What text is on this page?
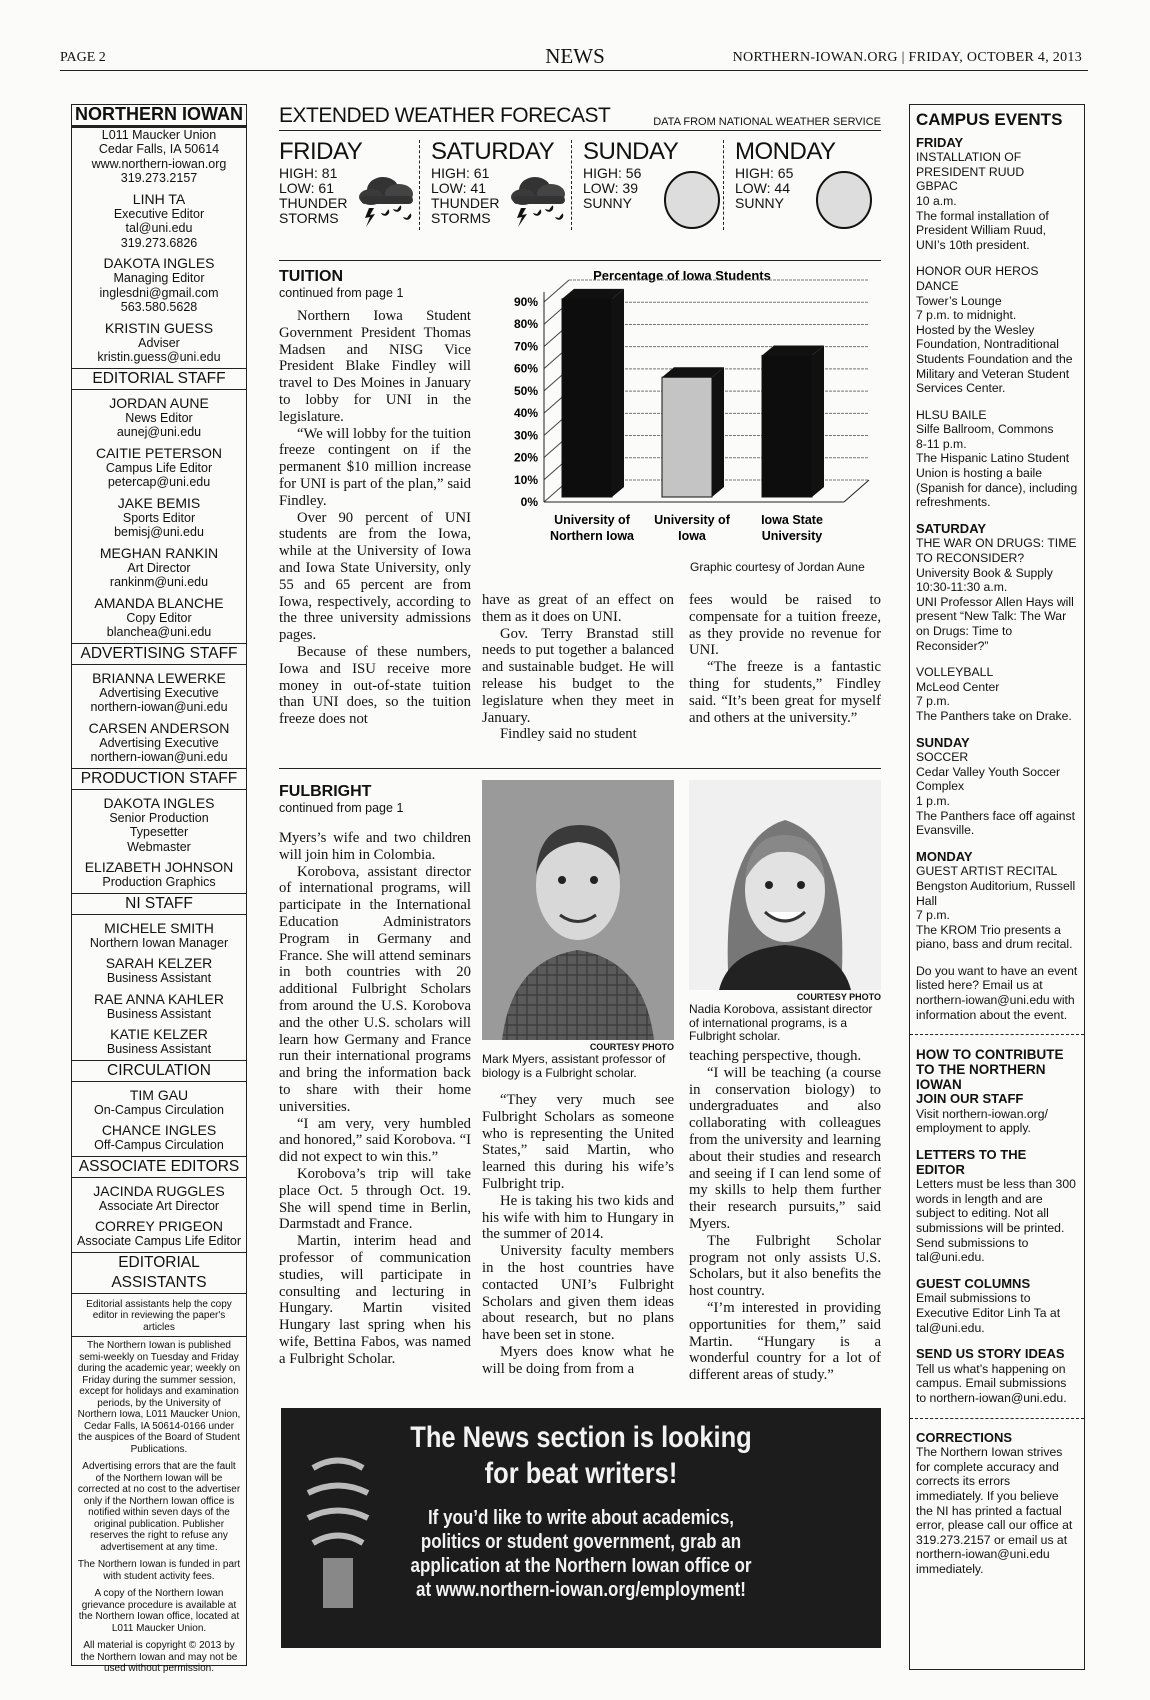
PAGE 2	NEWS	NORTHERN-IOWAN.ORG | FRIDAY, OCTOBER 4, 2013
NORTHERN IOWAN
L011 Maucker Union
Cedar Falls, IA 50614
www.northern-iowan.org
319.273.2157
LINH TA
Executive Editor
tal@uni.edu
319.273.6826
DAKOTA INGLES
Managing Editor
inglesdni@gmail.com
563.580.5628
KRISTIN GUESS
Adviser
kristin.guess@uni.edu
EDITORIAL STAFF
JORDAN AUNE
News Editor
aunej@uni.edu
CAITIE PETERSON
Campus Life Editor
petercap@uni.edu
JAKE BEMIS
Sports Editor
bemisj@uni.edu
MEGHAN RANKIN
Art Director
rankinm@uni.edu
AMANDA BLANCHE
Copy Editor
blanchea@uni.edu
ADVERTISING STAFF
BRIANNA LEWERKE
Advertising Executive
northern-iowan@uni.edu
CARSEN ANDERSON
Advertising Executive
northern-iowan@uni.edu
PRODUCTION STAFF
DAKOTA INGLES
Senior Production
Typesetter
Webmaster
ELIZABETH JOHNSON
Production Graphics
NI STAFF
MICHELE SMITH
Northern Iowan Manager
SARAH KELZER
Business Assistant
RAE ANNA KAHLER
Business Assistant
KATIE KELZER
Business Assistant
CIRCULATION
TIM GAU
On-Campus Circulation
CHANCE INGLES
Off-Campus Circulation
ASSOCIATE EDITORS
JACINDA RUGGLES
Associate Art Director
CORREY PRIGEON
Associate Campus Life Editor
EDITORIAL ASSISTANTS
Editorial assistants help the copy editor in reviewing the paper's articles
The Northern Iowan is published semi-weekly on Tuesday and Friday during the academic year; weekly on Friday during the summer session, except for holidays and examination periods, by the University of Northern Iowa, L011 Maucker Union, Cedar Falls, IA 50614-0166 under the auspices of the Board of Student Publications.
Advertising errors that are the fault of the Northern Iowan will be corrected at no cost to the advertiser only if the Northern Iowan office is notified within seven days of the original publication. Publisher reserves the right to refuse any advertisement at any time.
The Northern Iowan is funded in part with student activity fees.
A copy of the Northern Iowan grievance procedure is available at the Northern Iowan office, located at L011 Maucker Union.
All material is copyright © 2013 by the Northern Iowan and may not be used without permission.
EXTENDED WEATHER FORECAST	DATA FROM NATIONAL WEATHER SERVICE
FRIDAY
HIGH: 81
LOW: 61
THUNDER
STORMS
SATURDAY
HIGH: 61
LOW: 41
THUNDER
STORMS
SUNDAY
HIGH: 56
LOW: 39
SUNNY
MONDAY
HIGH: 65
LOW: 44
SUNNY
TUITION
continued from page 1

Northern Iowa Student Government President Thomas Madsen and NISG Vice President Blake Findley will travel to Des Moines in January to lobby for UNI in the legislature.

“We will lobby for the tuition freeze contingent on if the permanent $10 million increase for UNI is part of the plan,” said Findley.

Over 90 percent of UNI students are from the Iowa, while at the University of Iowa and Iowa State University, only 55 and 65 percent are from Iowa, respectively, according to the three university admissions pages.

Because of these numbers, Iowa and ISU receive more money in out-of-state tuition than UNI does, so the tuition freeze does not

Percentage of Iowa Students
0%
10%
20%
30%
40%
50%
60%
70%
80%
90%
University of
Northern Iowa
University of
Iowa
Iowa State
University
Graphic courtesy of Jordan Aune

have as great of an effect on them as it does on UNI.

Gov. Terry Branstad still needs to put together a balanced and sustainable budget. He will release his budget to the legislature when they meet in January.

Findley said no student

fees would be raised to compensate for a tuition freeze, as they provide no revenue for UNI.

“The freeze is a fantastic thing for students,” Findley said. “It’s been great for myself and others at the university.”

FULBRIGHT
continued from page 1

Myers’s wife and two children will join him in Colombia.

Korobova, assistant director of international programs, will participate in the International Education Administrators Program in Germany and France. She will attend seminars in both countries with 20 additional Fulbright Scholars from around the U.S. Korobova and the other U.S. scholars will learn how Germany and France run their international programs and bring the information back to share with their home universities.

“I am very, very humbled and honored,” said Korobova. “I did not expect to win this.”

Korobova’s trip will take place Oct. 5 through Oct. 19. She will spend time in Berlin, Darmstadt and France.

Martin, interim head and professor of communication studies, will participate in consulting and lecturing in Hungary. Martin visited Hungary last spring when his wife, Bettina Fabos, was named a Fulbright Scholar.

COURTESY PHOTO
Mark Myers, assistant professor of biology is a Fulbright scholar.

“They very much see Fulbright Scholars as someone who is representing the United States,” said Martin, who learned this during his wife’s Fulbright trip.

He is taking his two kids and his wife with him to Hungary in the summer of 2014.

University faculty members in the host countries have contacted UNI’s Fulbright Scholars and given them ideas about research, but no plans have been set in stone.

Myers does know what he will be doing from from a

COURTESY PHOTO
Nadia Korobova, assistant director of international programs, is a Fulbright scholar.

teaching perspective, though.

“I will be teaching (a course in conservation biology) to undergraduates and also collaborating with colleagues from the university and learning about their studies and research and seeing if I can lend some of my skills to help them further their research pursuits,” said Myers.

The Fulbright Scholar program not only assists U.S. Scholars, but it also benefits the host country.

“I’m interested in providing opportunities for them,” said Martin. “Hungary is a wonderful country for a lot of different areas of study.”

The News section is looking
for beat writers!
If you’d like to write about academics,
politics or student government, grab an
application at the Northern Iowan office or
at www.northern-iowan.org/employment!
CAMPUS EVENTS
FRIDAY
INSTALLATION OF PRESIDENT RUUD
GBPAC
10 a.m.
The formal installation of President William Ruud, UNI’s 10th president.
HONOR OUR HEROS DANCE
Tower’s Lounge
7 p.m. to midnight.
Hosted by the Wesley Foundation, Nontraditional Students Foundation and the Military and Veteran Student Services Center.
HLSU BAILE
Silfe Ballroom, Commons
8-11 p.m.
The Hispanic Latino Student Union is hosting a baile (Spanish for dance), including refreshments.
SATURDAY
THE WAR ON DRUGS: TIME TO RECONSIDER?
University Book & Supply
10:30-11:30 a.m.
UNI Professor Allen Hays will present “New Talk: The War on Drugs: Time to Reconsider?”
VOLLEYBALL
McLeod Center
7 p.m.
The Panthers take on Drake.
SUNDAY
SOCCER
Cedar Valley Youth Soccer Complex
1 p.m.
The Panthers face off against Evansville.
MONDAY
GUEST ARTIST RECITAL
Bengston Auditorium, Russell Hall
7 p.m.
The KROM Trio presents a piano, bass and drum recital.
Do you want to have an event listed here? Email us at northern-iowan@uni.edu with information about the event.
HOW TO CONTRIBUTE TO THE NORTHERN IOWAN
JOIN OUR STAFF
Visit northern-iowan.org/ employment to apply.
LETTERS TO THE EDITOR
Letters must be less than 300 words in length and are subject to editing. Not all submissions will be printed. Send submissions to tal@uni.edu.
GUEST COLUMNS
Email submissions to Executive Editor Linh Ta at tal@uni.edu.
SEND US STORY IDEAS
Tell us what’s happening on campus. Email submissions to northern-iowan@uni.edu.
CORRECTIONS
The Northern Iowan strives for complete accuracy and corrects its errors immediately. If you believe the NI has printed a factual error, please call our office at 319.273.2157 or email us at northern-iowan@uni.edu immediately.
